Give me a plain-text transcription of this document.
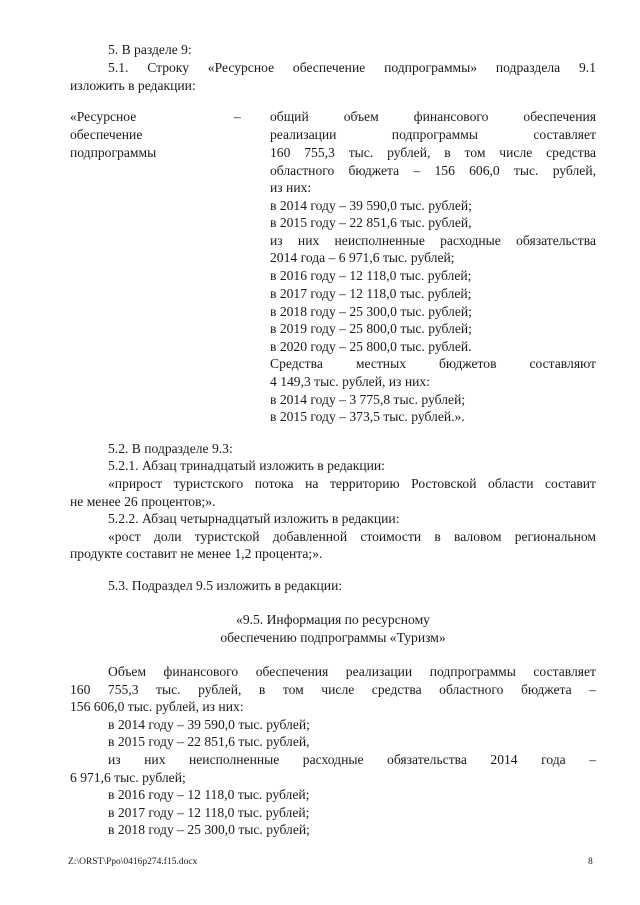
5. В разделе 9:
5.1. Строку «Ресурсное обеспечение подпрограммы» подраздела 9.1
изложить в редакции:
«Ресурсное
обеспечение
подпрограммы
– общий объем финансового обеспечения
реализации подпрограммы составляет
160 755,3 тыс. рублей, в том числе средства
областного бюджета – 156 606,0 тыс. рублей,
из них:
в 2014 году – 39 590,0 тыс. рублей;
в 2015 году – 22 851,6 тыс. рублей,
из них неисполненные расходные обязательства
2014 года – 6 971,6 тыс. рублей;
в 2016 году – 12 118,0 тыс. рублей;
в 2017 году – 12 118,0 тыс. рублей;
в 2018 году – 25 300,0 тыс. рублей;
в 2019 году – 25 800,0 тыс. рублей;
в 2020 году – 25 800,0 тыс. рублей.
Средства местных бюджетов составляют
4 149,3 тыс. рублей, из них:
в 2014 году – 3 775,8 тыс. рублей;
в 2015 году – 373,5 тыс. рублей.».
5.2. В подразделе 9.3:
5.2.1. Абзац тринадцатый изложить в редакции:
«прирост туристского потока на территорию Ростовской области составит
не менее 26 процентов;».
5.2.2. Абзац четырнадцатый изложить в редакции:
«рост доли туристской добавленной стоимости в валовом региональном
продукте составит не менее 1,2 процента;».
5.3. Подраздел 9.5 изложить в редакции:
«9.5. Информация по ресурсному
обеспечению подпрограммы «Туризм»
Объем финансового обеспечения реализации подпрограммы составляет
160 755,3 тыс. рублей, в том числе средства областного бюджета –
156 606,0 тыс. рублей, из них:
в 2014 году – 39 590,0 тыс. рублей;
в 2015 году – 22 851,6 тыс. рублей,
из них неисполненные расходные обязательства 2014 года –
6 971,6 тыс. рублей;
в 2016 году – 12 118,0 тыс. рублей;
в 2017 году – 12 118,0 тыс. рублей;
в 2018 году – 25 300,0 тыс. рублей;
Z:\ORST\Ppo\0416p274.f15.docx	8
